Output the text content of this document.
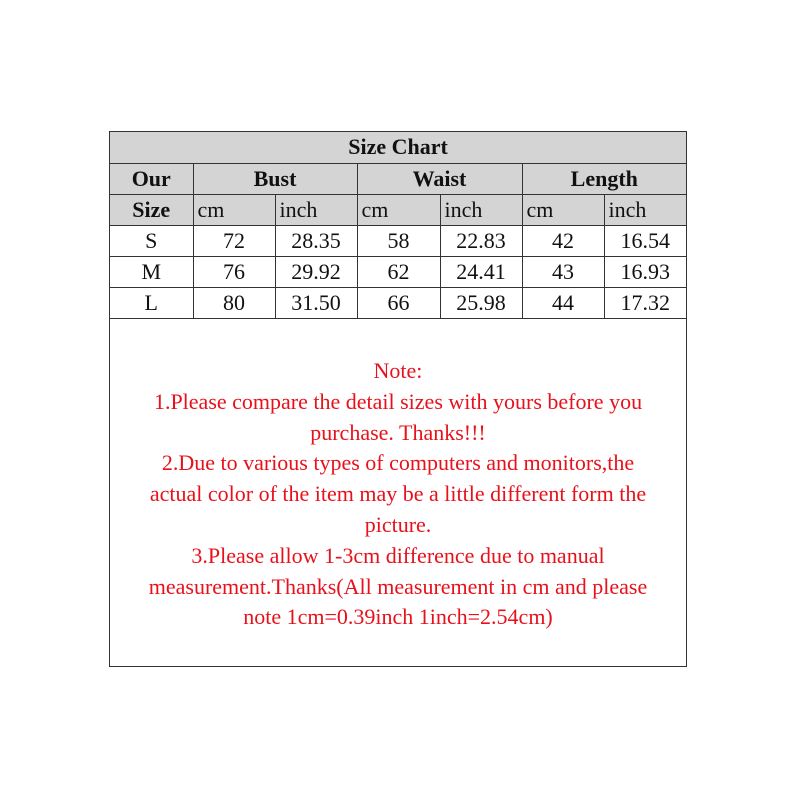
Size Chart						
Our	Bust		Waist		Length	
Size	cm	inch	cm	inch	cm	inch
S	72	28.35	58	22.83	42	16.54
M	76	29.92	62	24.41	43	16.93
L	80	31.50	66	25.98	44	17.32
Note:
1.Please compare the detail sizes with yours before you
purchase. Thanks!!!
2.Due to various types of computers and monitors,the
actual color of the item may be a little different form the
picture.
3.Please allow 1-3cm difference due to manual
measurement.Thanks(All measurement in cm and please
note 1cm=0.39inch 1inch=2.54cm)
